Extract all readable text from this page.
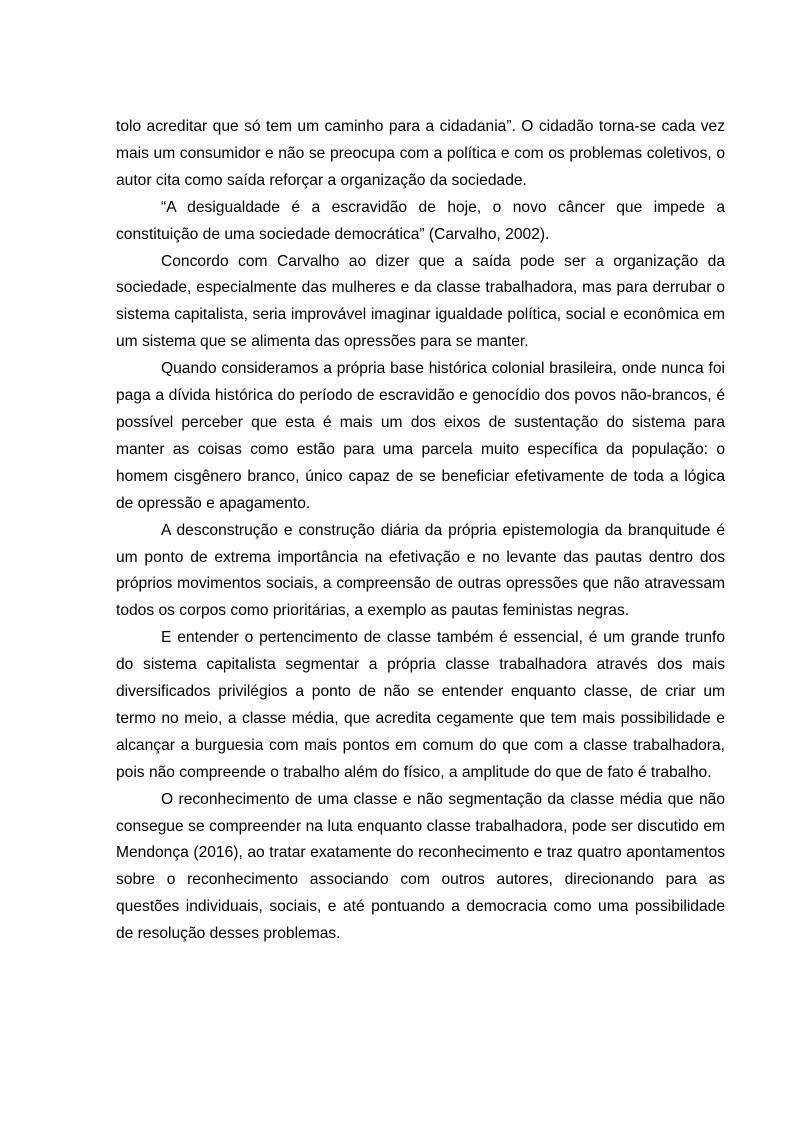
tolo acreditar que só tem um caminho para a cidadania”. O cidadão torna-se cada vez mais um consumidor e não se preocupa com a política e com os problemas coletivos, o autor cita como saída reforçar a organização da sociedade.

“A desigualdade é a escravidão de hoje, o novo câncer que impede a constituição de uma sociedade democrática” (Carvalho, 2002).

Concordo com Carvalho ao dizer que a saída pode ser a organização da sociedade, especialmente das mulheres e da classe trabalhadora, mas para derrubar o sistema capitalista, seria improvável imaginar igualdade política, social e econômica em um sistema que se alimenta das opressões para se manter.

Quando consideramos a própria base histórica colonial brasileira, onde nunca foi paga a dívida histórica do período de escravidão e genocídio dos povos não-brancos, é possível perceber que esta é mais um dos eixos de sustentação do sistema para manter as coisas como estão para uma parcela muito específica da população: o homem cisgênero branco, único capaz de se beneficiar efetivamente de toda a lógica de opressão e apagamento.

A desconstrução e construção diária da própria epistemologia da branquitude é um ponto de extrema importância na efetivação e no levante das pautas dentro dos próprios movimentos sociais, a compreensão de outras opressões que não atravessam todos os corpos como prioritárias, a exemplo as pautas feministas negras.

E entender o pertencimento de classe também é essencial, é um grande trunfo do sistema capitalista segmentar a própria classe trabalhadora através dos mais diversificados privilégios a ponto de não se entender enquanto classe, de criar um termo no meio, a classe média, que acredita cegamente que tem mais possibilidade e alcançar a burguesia com mais pontos em comum do que com a classe trabalhadora, pois não compreende o trabalho além do físico, a amplitude do que de fato é trabalho.

O reconhecimento de uma classe e não segmentação da classe média que não consegue se compreender na luta enquanto classe trabalhadora, pode ser discutido em Mendonça (2016), ao tratar exatamente do reconhecimento e traz quatro apontamentos sobre o reconhecimento associando com outros autores, direcionando para as questões individuais, sociais, e até pontuando a democracia como uma possibilidade de resolução desses problemas.
